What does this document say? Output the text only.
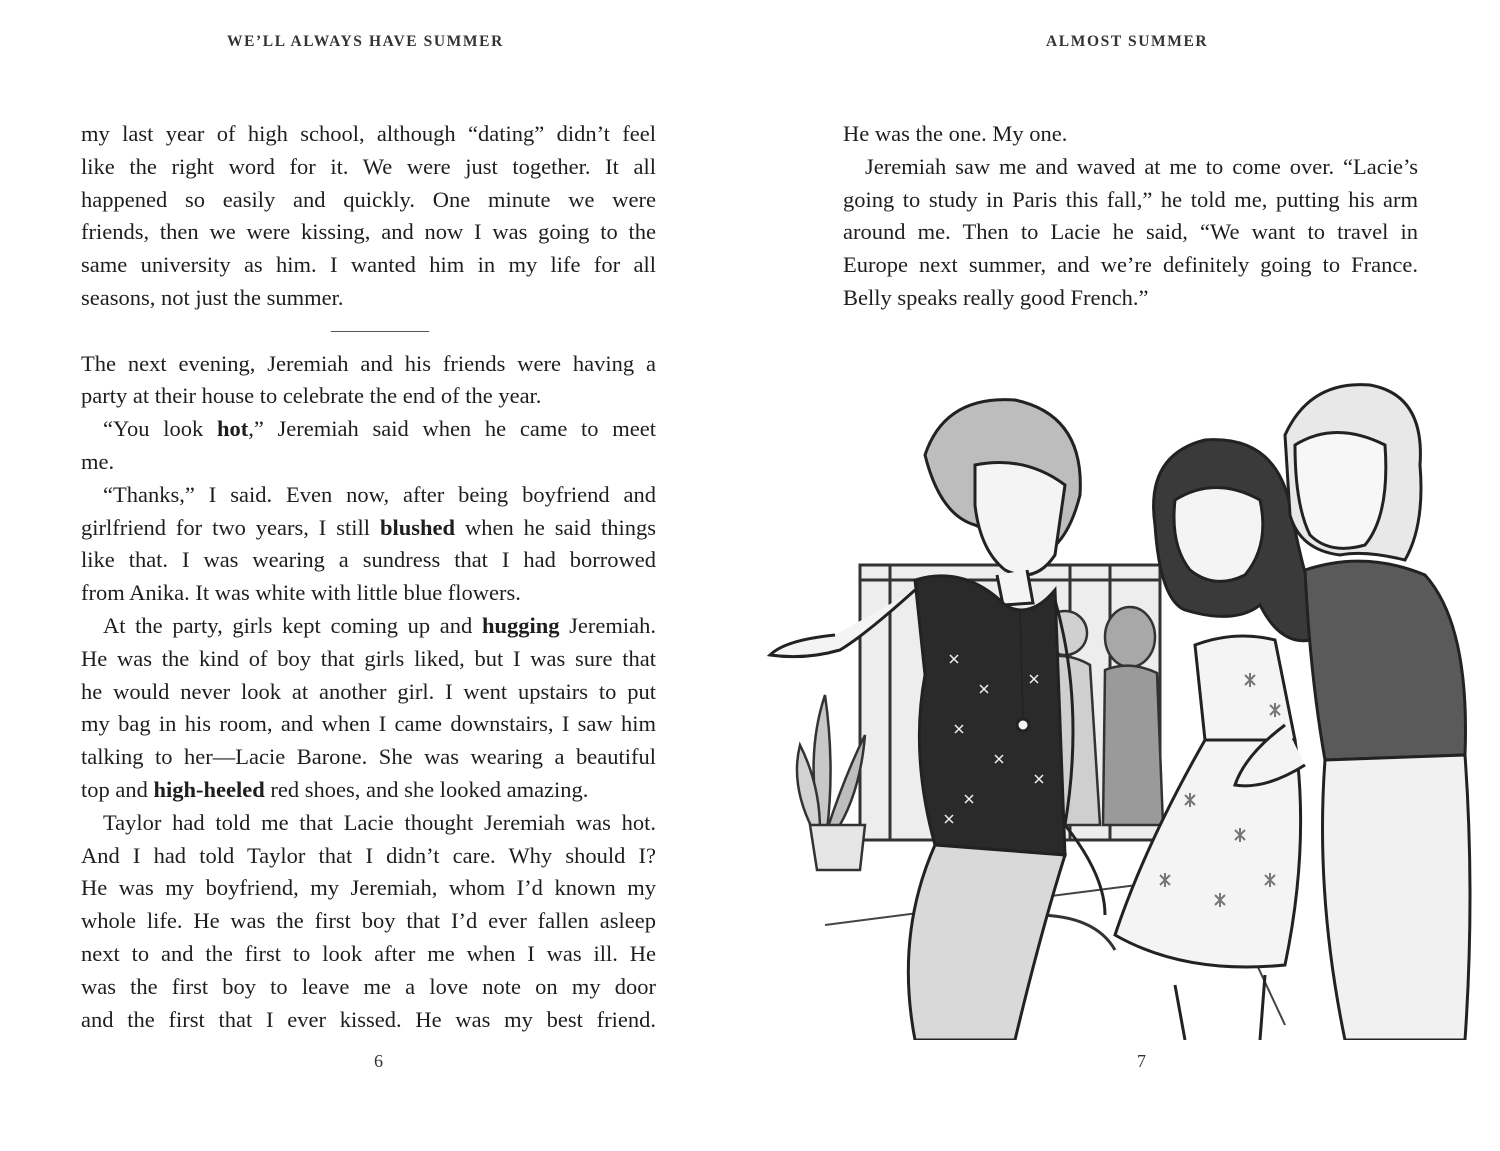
WE’LL ALWAYS HAVE SUMMER

my last year of high school, although “dating” didn’t feel

like the right word for it. We were just together. It all

happened so easily and quickly. One minute we were

friends, then we were kissing, and now I was going to the

same university as him. I wanted him in my life for all

seasons, not just the summer.

The next evening, Jeremiah and his friends were having a

party at their house to celebrate the end of the year.

“You look hot,” Jeremiah said when he came to meet

me.

“Thanks,” I said. Even now, after being boyfriend and

girlfriend for two years, I still blushed when he said things

like that. I was wearing a sundress that I had borrowed

from Anika. It was white with little blue flowers.

At the party, girls kept coming up and hugging Jeremiah.

He was the kind of boy that girls liked, but I was sure that

he would never look at another girl. I went upstairs to put

my bag in his room, and when I came downstairs, I saw him

talking to her—Lacie Barone. She was wearing a beautiful

top and high-heeled red shoes, and she looked amazing.

Taylor had told me that Lacie thought Jeremiah was hot.

And I had told Taylor that I didn’t care. Why should I?

He was my boyfriend, my Jeremiah, whom I’d known my

whole life. He was the first boy that I’d ever fallen asleep

next to and the first to look after me when I was ill. He

was the first boy to leave me a love note on my door

and the first that I ever kissed. He was my best friend.

6

ALMOST SUMMER

He was the one. My one.

Jeremiah saw me and waved at me to come over. “Lacie’s

going to study in Paris this fall,” he told me, putting his arm

around me. Then to Lacie he said, “We want to travel in

Europe next summer, and we’re definitely going to France.

Belly speaks really good French.”

7
